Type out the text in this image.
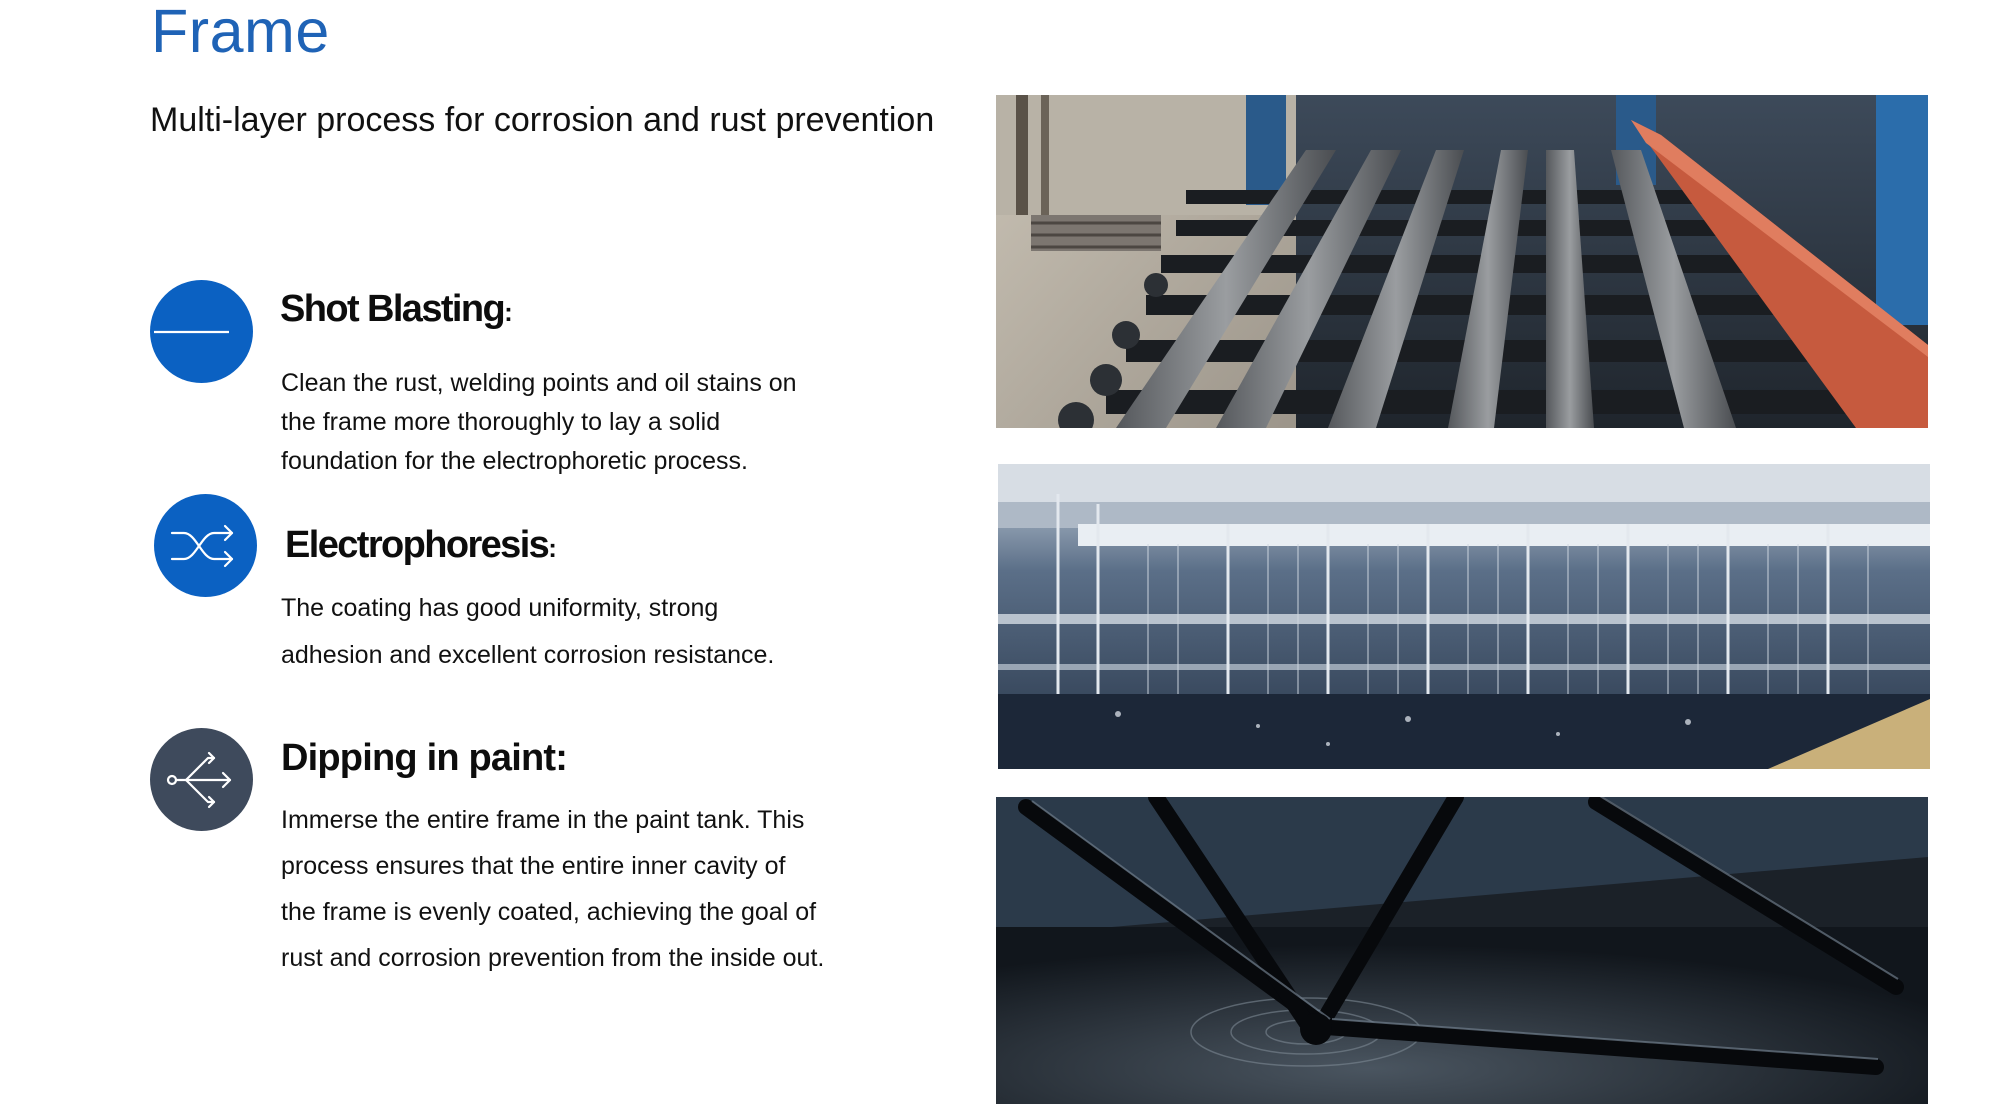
Frame
Multi-layer process for corrosion and rust prevention
Shot Blasting:
Clean the rust, welding points and oil stains on
the frame more thoroughly to lay a solid
foundation for the electrophoretic process.
Electrophoresis:
The coating has good uniformity, strong
adhesion and excellent corrosion resistance.
Dipping in paint:
Immerse the entire frame in the paint tank. This
process ensures that the entire inner cavity of
the frame is evenly coated, achieving the goal of
rust and corrosion prevention from the inside out.
